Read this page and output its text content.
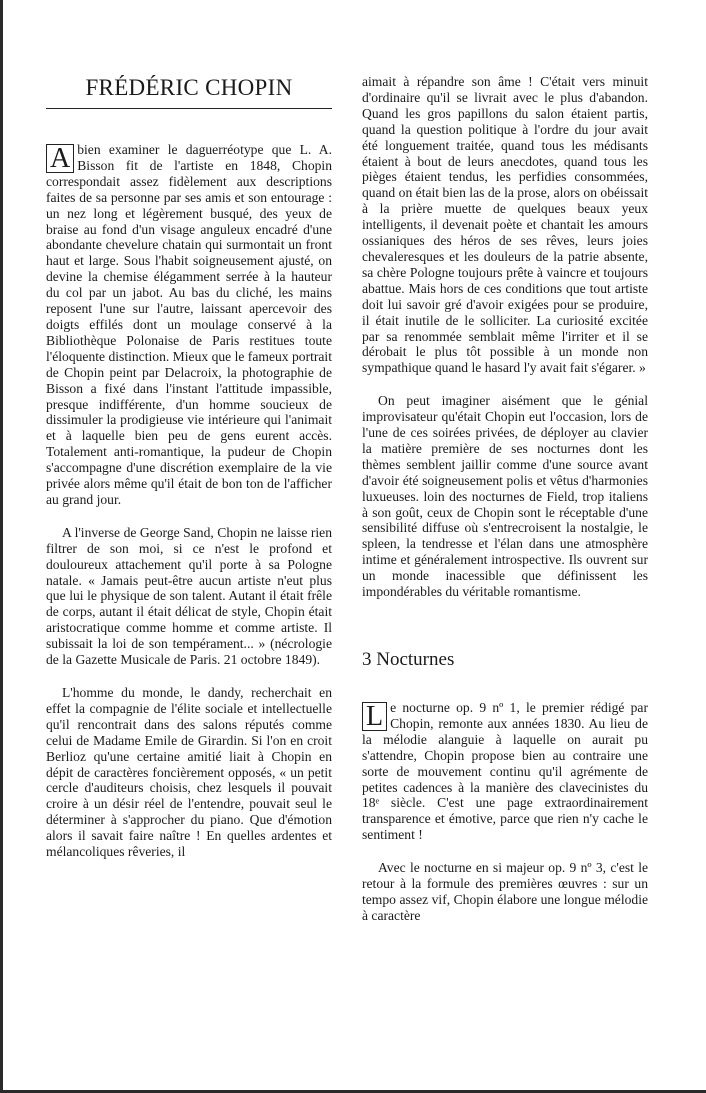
FRÉDÉRIC CHOPIN

A bien examiner le daguerréotype que L. A. Bisson fit de l'artiste en 1848, Chopin correspondait assez fidèlement aux descriptions faites de sa personne par ses amis et son entourage : un nez long et légèrement busqué, des yeux de braise au fond d'un visage anguleux encadré d'une abondante chevelure chatain qui surmontait un front haut et large. Sous l'habit soigneusement ajusté, on devine la chemise élégamment serrée à la hauteur du col par un jabot. Au bas du cliché, les mains reposent l'une sur l'autre, laissant apercevoir des doigts effilés dont un moulage conservé à la Bibliothèque Polonaise de Paris restitues toute l'éloquente distinction. Mieux que le fameux portrait de Chopin peint par Delacroix, la photographie de Bisson a fixé dans l'instant l'attitude impassible, presque indifférente, d'un homme soucieux de dissimuler la prodigieuse vie intérieure qui l'animait et à laquelle bien peu de gens eurent accès. Totalement anti-romantique, la pudeur de Chopin s'accompagne d'une discrétion exemplaire de la vie privée alors même qu'il était de bon ton de l'afficher au grand jour.

A l'inverse de George Sand, Chopin ne laisse rien filtrer de son moi, si ce n'est le profond et douloureux attachement qu'il porte à sa Pologne natale. « Jamais peut-être aucun artiste n'eut plus que lui le physique de son talent. Autant il était frêle de corps, autant il était délicat de style, Chopin était aristocratique comme homme et comme artiste. Il subissait la loi de son tempérament... » (nécrologie de la Gazette Musicale de Paris. 21 octobre 1849).

L'homme du monde, le dandy, recherchait en effet la compagnie de l'élite sociale et intellectuelle qu'il rencontrait dans des salons réputés comme celui de Madame Emile de Girardin. Si l'on en croit Berlioz qu'une certaine amitié liait à Chopin en dépit de caractères foncièrement opposés, « un petit cercle d'auditeurs choisis, chez lesquels il pouvait croire à un désir réel de l'entendre, pouvait seul le déterminer à s'approcher du piano. Que d'émotion alors il savait faire naître ! En quelles ardentes et mélancoliques rêveries, il

aimait à répandre son âme ! C'était vers minuit d'ordinaire qu'il se livrait avec le plus d'abandon. Quand les gros papillons du salon étaient partis, quand la question politique à l'ordre du jour avait été longuement traitée, quand tous les médisants étaient à bout de leurs anecdotes, quand tous les pièges étaient tendus, les perfidies consommées, quand on était bien las de la prose, alors on obéissait à la prière muette de quelques beaux yeux intelligents, il devenait poète et chantait les amours ossianiques des héros de ses rêves, leurs joies chevaleresques et les douleurs de la patrie absente, sa chère Pologne toujours prête à vaincre et toujours abattue. Mais hors de ces conditions que tout artiste doit lui savoir gré d'avoir exigées pour se produire, il était inutile de le solliciter. La curiosité excitée par sa renommée semblait même l'irriter et il se dérobait le plus tôt possible à un monde non sympathique quand le hasard l'y avait fait s'égarer. »

On peut imaginer aisément que le génial improvisateur qu'était Chopin eut l'occasion, lors de l'une de ces soirées privées, de déployer au clavier la matière première de ses nocturnes dont les thèmes semblent jaillir comme d'une source avant d'avoir été soigneusement polis et vêtus d'harmonies luxueuses. loin des nocturnes de Field, trop italiens à son goût, ceux de Chopin sont le réceptable d'une sensibilité diffuse où s'entrecroisent la nostalgie, le spleen, la tendresse et l'élan dans une atmosphère intime et généralement introspective. Ils ouvrent sur un monde inacessible que définissent les impondérables du véritable romantisme.

3 Nocturnes

L e nocturne op. 9 nº 1, le premier rédigé par Chopin, remonte aux années 1830. Au lieu de la mélodie alanguie à laquelle on aurait pu s'attendre, Chopin propose bien au contraire une sorte de mouvement continu qu'il agrémente de petites cadences à la manière des clavecinistes du 18ᵉ siècle. C'est une page extraordinairement transparence et émotive, parce que rien n'y cache le sentiment !

Avec le nocturne en si majeur op. 9 nº 3, c'est le retour à la formule des premières œuvres : sur un tempo assez vif, Chopin élabore une longue mélodie à caractère
